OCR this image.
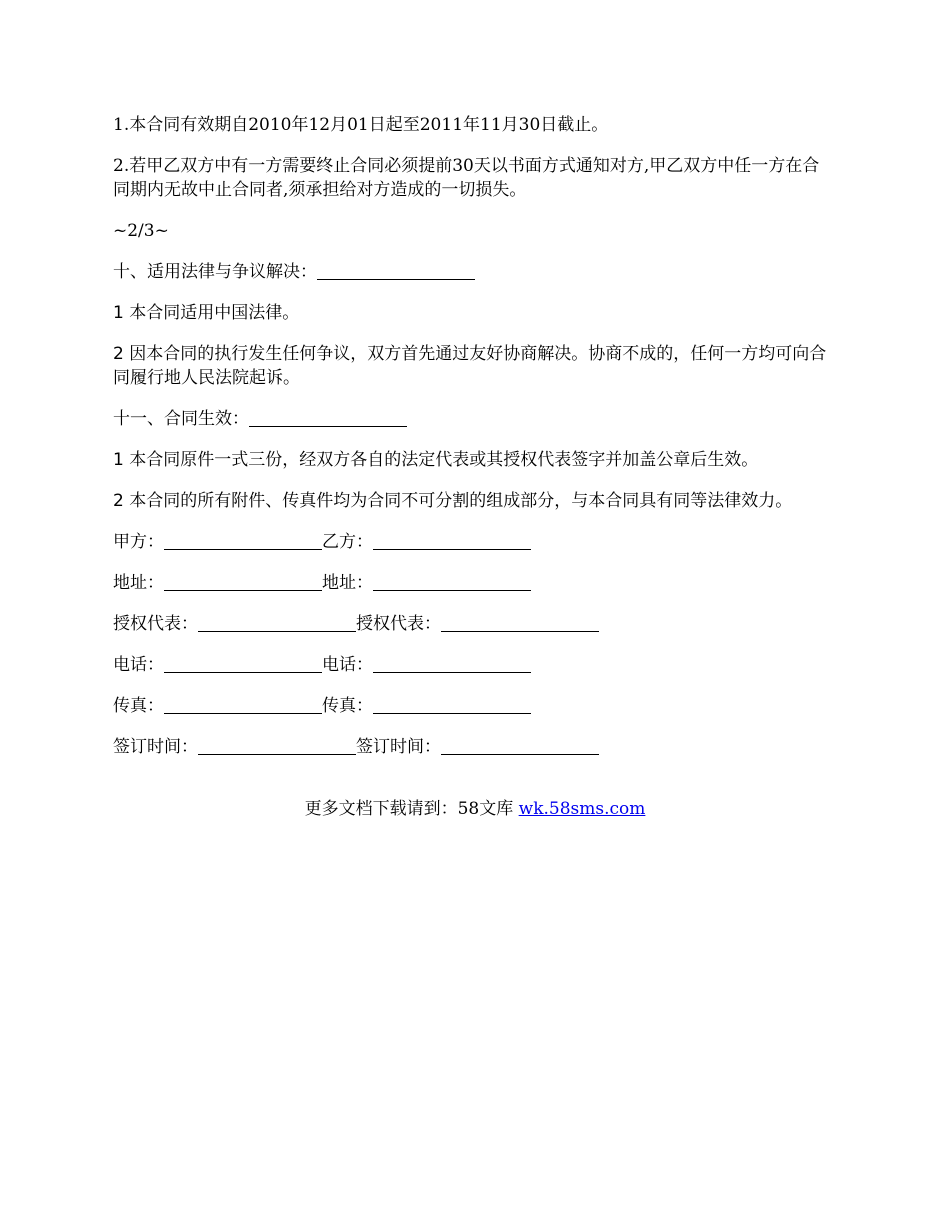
1.本合同有效期自2010年12月01日起至2011年11月30日截止。

2.若甲乙双方中有一方需要终止合同必须提前30天以书面方式通知对方,甲乙双方中任一方在合同期内无故中止合同者,须承担给对方造成的一切损失。

~2/3~

十、适用法律与争议解决：

1 本合同适用中国法律。

2 因本合同的执行发生任何争议，双方首先通过友好协商解决。协商不成的，任何一方均可向合同履行地人民法院起诉。

十一、合同生效：

1 本合同原件一式三份，经双方各自的法定代表或其授权代表签字并加盖公章后生效。

2 本合同的所有附件、传真件均为合同不可分割的组成部分，与本合同具有同等法律效力。

甲方：	乙方：

地址：	地址：

授权代表：	授权代表：

电话：	电话：

传真：	传真：

签订时间：	签订时间：

更多文档下载请到：58文库 wk.58sms.com
